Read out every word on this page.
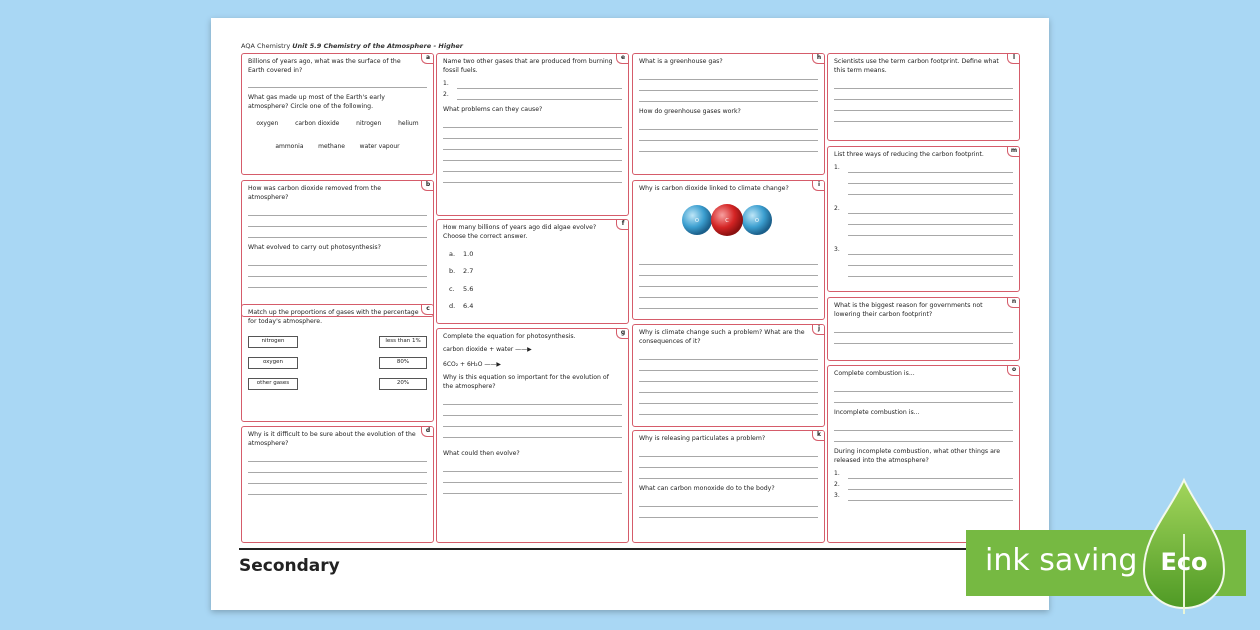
AQA Chemistry Unit 5.9 Chemistry of the Atmosphere - Higher
a
Billions of years ago, what was the surface of the Earth covered in?
What gas made up most of the Earth's early atmosphere? Circle one of the following.
oxygen	carbon dioxide	nitrogen	helium
ammonia methane water vapour
b
How was carbon dioxide removed from the atmosphere?
What evolved to carry out photosynthesis?
c
Match up the proportions of gases with the percentage for today's atmosphere.
nitrogen	less than 1%
oxygen	80%
other gases	20%
d
Why is it difficult to be sure about the evolution of the atmosphere?
e
Name two other gases that are produced from burning fossil fuels.
1.
2.
What problems can they cause?
f
How many billions of years ago did algae evolve? Choose the correct answer.
a. 1.0
b. 2.7
c. 5.6
d. 6.4
g
Complete the equation for photosynthesis.
carbon dioxide + water ——▶
6CO₂ + 6H₂O ——▶
Why is this equation so important for the evolution of the atmosphere?
What could then evolve?
h
What is a greenhouse gas?
How do greenhouse gases work?
i
Why is carbon dioxide linked to climate change?
O	C	O
j
Why is climate change such a problem? What are the consequences of it?
k
Why is releasing particulates a problem?
What can carbon monoxide do to the body?
l
Scientists use the term carbon footprint. Define what this term means.
m
List three ways of reducing the carbon footprint.
1.
2.
3.
n
What is the biggest reason for governments not lowering their carbon footprint?
o
Complete combustion is...
Incomplete combustion is...
During incomplete combustion, what other things are released into the atmosphere?
1.
2.
3.
Secondary	ink saving Eco
